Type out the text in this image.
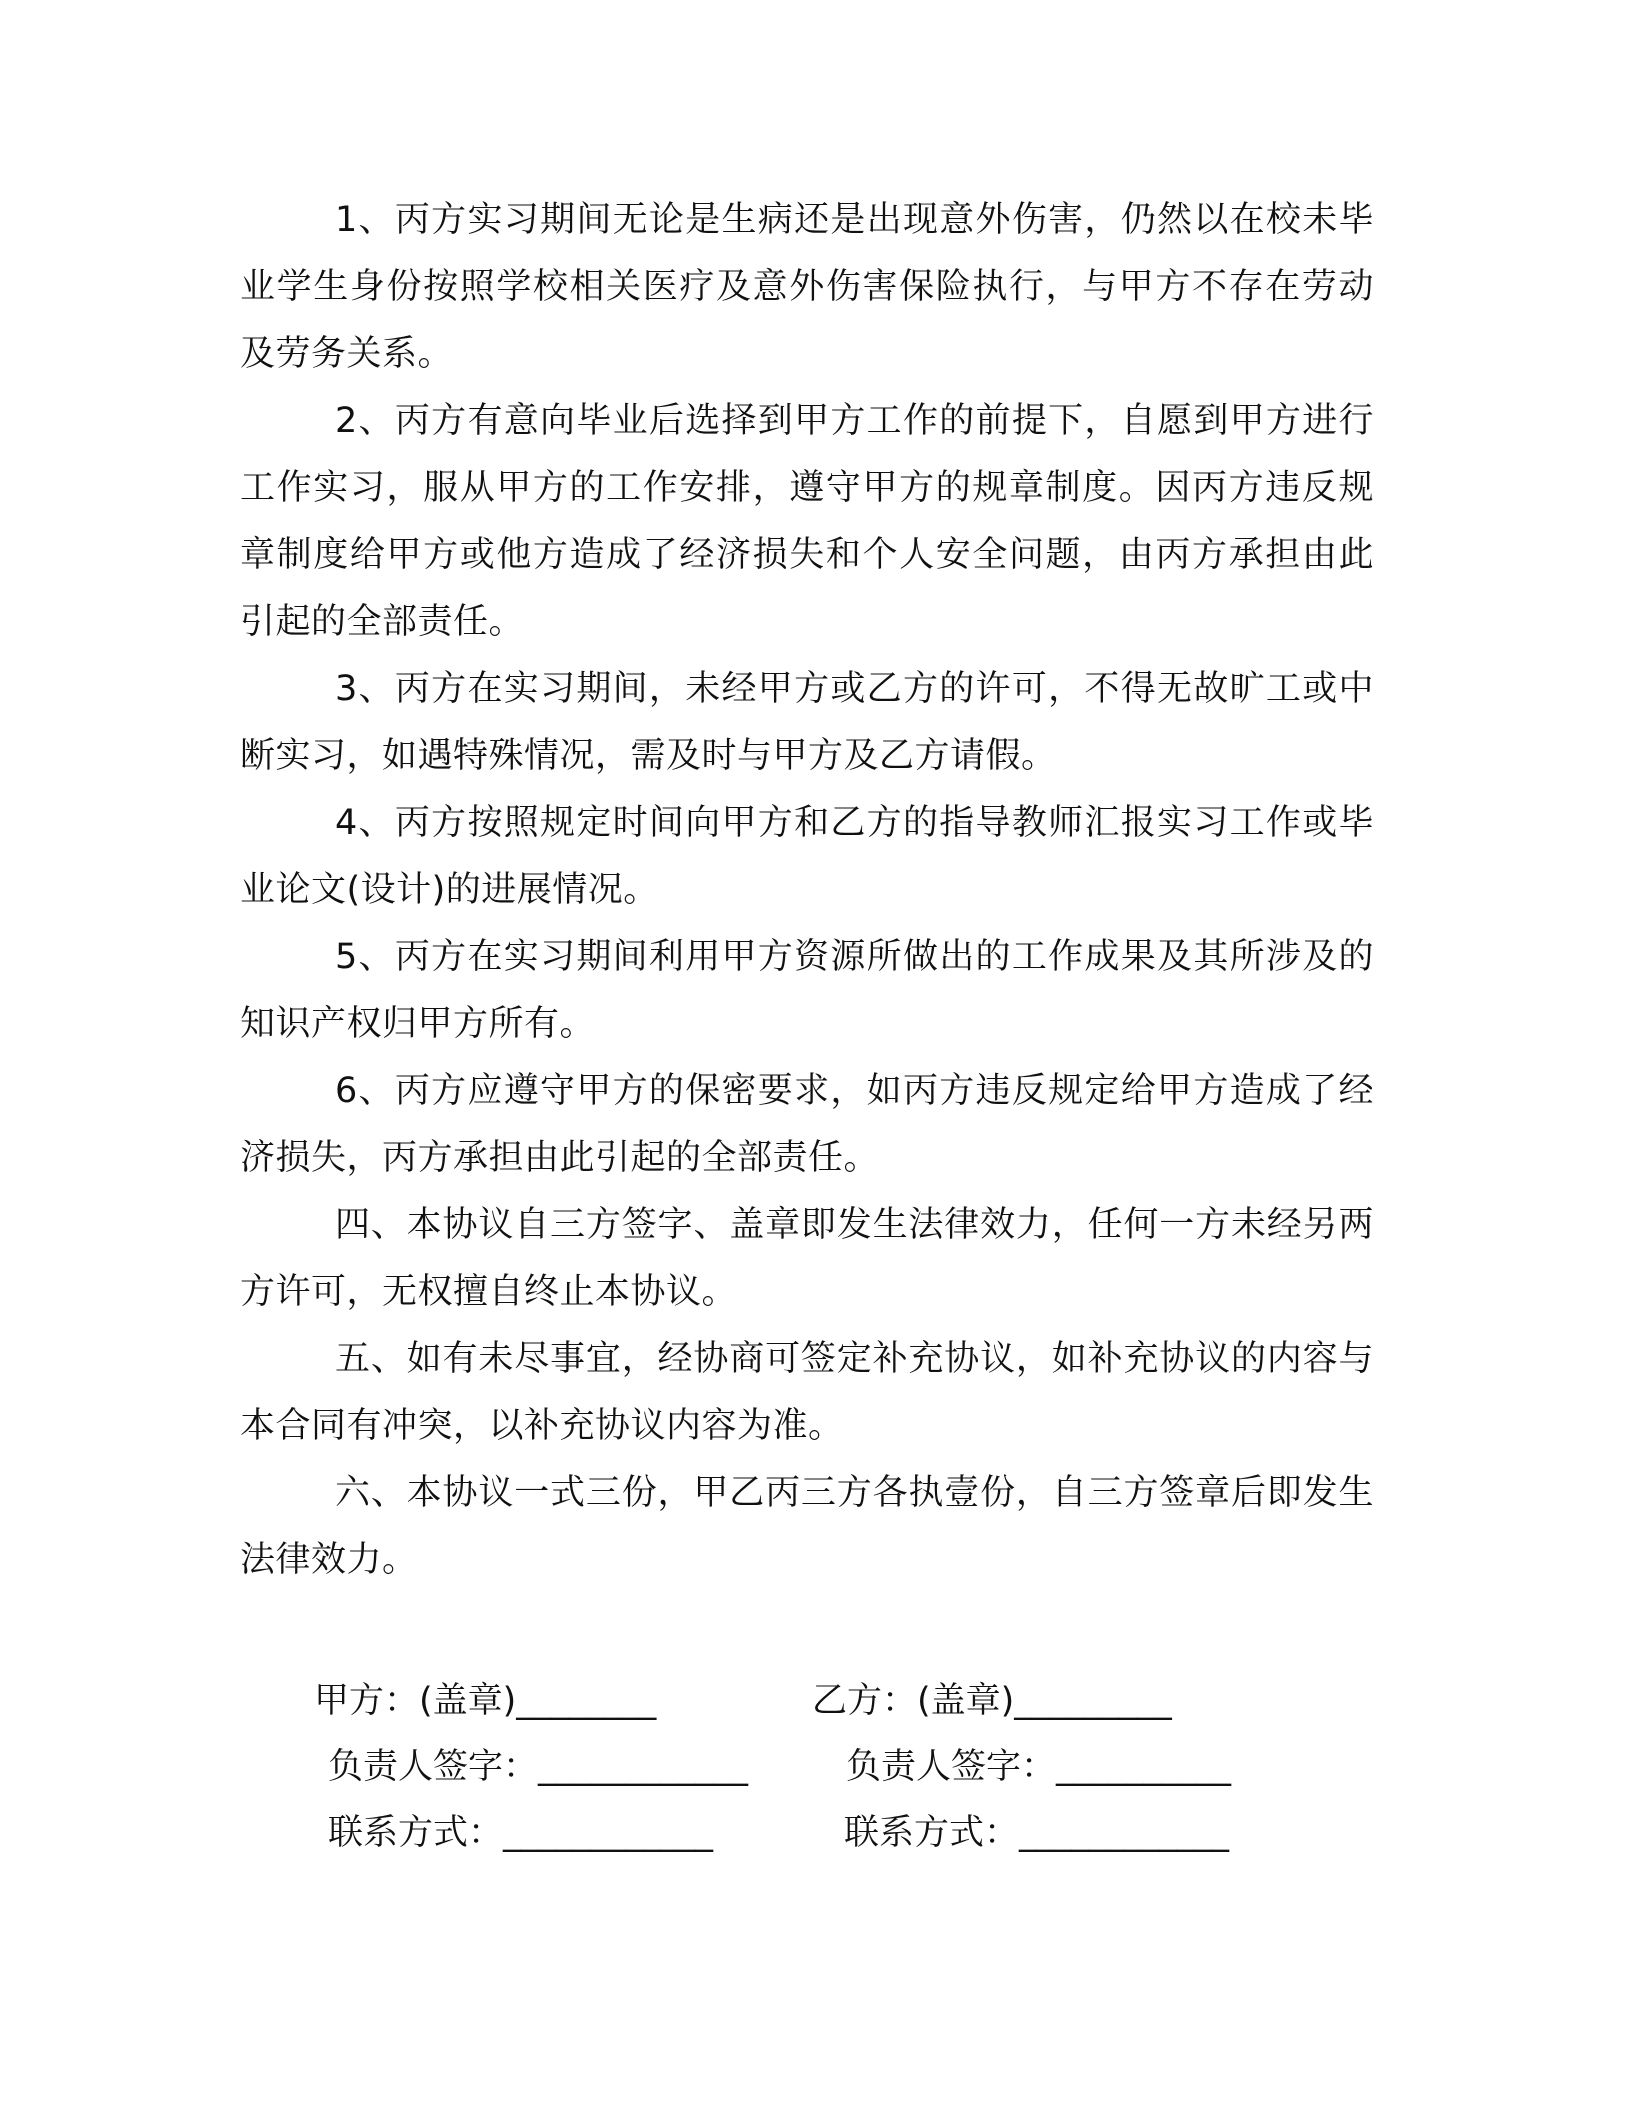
1、丙方实习期间无论是生病还是出现意外伤害，仍然以在校未毕业学生身份按照学校相关医疗及意外伤害保险执行，与甲方不存在劳动及劳务关系。

2、丙方有意向毕业后选择到甲方工作的前提下，自愿到甲方进行工作实习，服从甲方的工作安排，遵守甲方的规章制度。因丙方违反规章制度给甲方或他方造成了经济损失和个人安全问题，由丙方承担由此引起的全部责任。

3、丙方在实习期间，未经甲方或乙方的许可，不得无故旷工或中断实习，如遇特殊情况，需及时与甲方及乙方请假。

4、丙方按照规定时间向甲方和乙方的指导教师汇报实习工作或毕业论文(设计)的进展情况。

5、丙方在实习期间利用甲方资源所做出的工作成果及其所涉及的知识产权归甲方所有。

6、丙方应遵守甲方的保密要求，如丙方违反规定给甲方造成了经济损失，丙方承担由此引起的全部责任。

四、本协议自三方签字、盖章即发生法律效力，任何一方未经另两方许可，无权擅自终止本协议。

五、如有未尽事宜，经协商可签定补充协议，如补充协议的内容与本合同有冲突，以补充协议内容为准。

六、本协议一式三份，甲乙丙三方各执壹份，自三方签章后即发生法律效力。

甲方：(盖章)________	乙方：(盖章)_________
负责人签字：____________	负责人签字：__________
联系方式：____________	联系方式：____________
